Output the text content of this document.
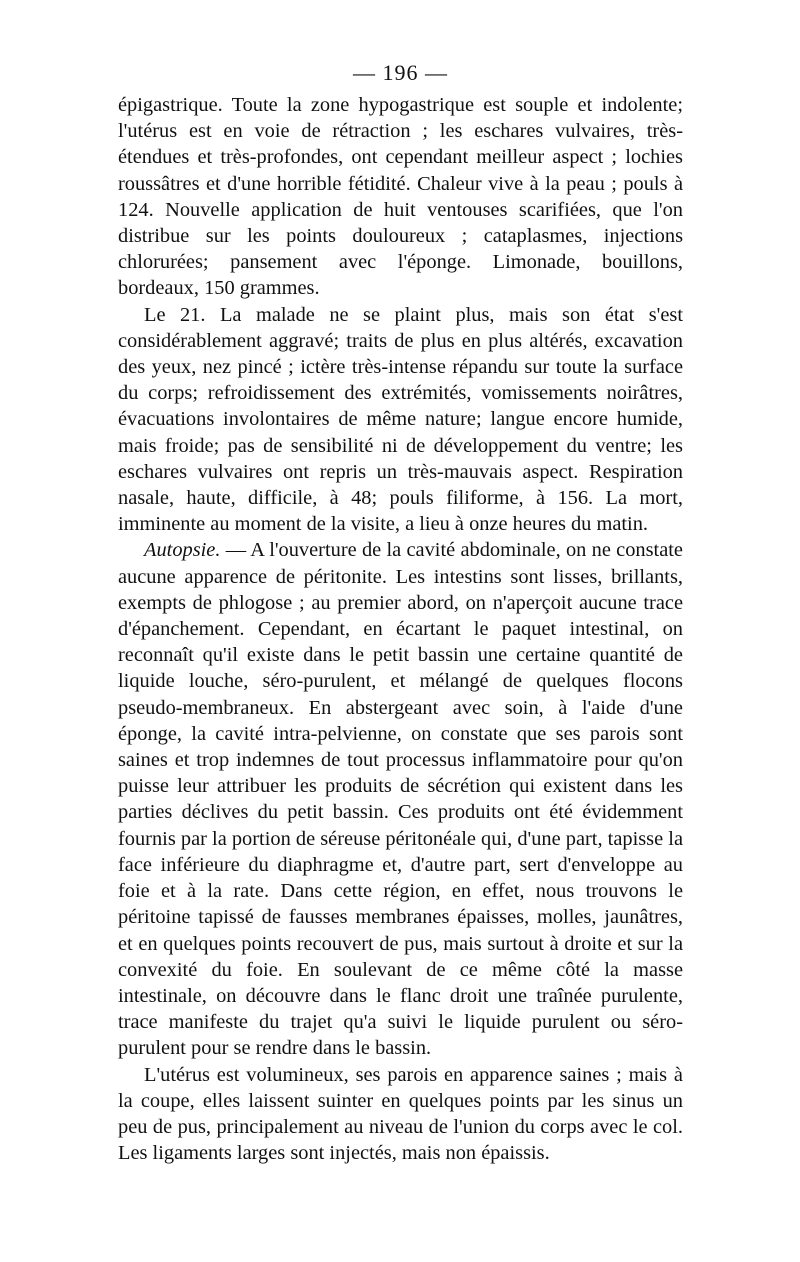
— 196 —

épigastrique. Toute la zone hypogastrique est souple et indolente; l'utérus est en voie de rétraction ; les eschares vulvaires, très-étendues et très-profondes, ont cependant meilleur aspect ; lochies roussâtres et d'une horrible fétidité. Chaleur vive à la peau ; pouls à 124. Nouvelle application de huit ventouses scarifiées, que l'on distribue sur les points douloureux ; cataplasmes, injections chlorurées; pansement avec l'éponge. Limonade, bouillons, bordeaux, 150 grammes.

Le 21. La malade ne se plaint plus, mais son état s'est considérablement aggravé; traits de plus en plus altérés, excavation des yeux, nez pincé ; ictère très-intense répandu sur toute la surface du corps; refroidissement des extrémités, vomissements noirâtres, évacuations involontaires de même nature; langue encore humide, mais froide; pas de sensibilité ni de développement du ventre; les eschares vulvaires ont repris un très-mauvais aspect. Respiration nasale, haute, difficile, à 48; pouls filiforme, à 156. La mort, imminente au moment de la visite, a lieu à onze heures du matin.

Autopsie. — A l'ouverture de la cavité abdominale, on ne constate aucune apparence de péritonite. Les intestins sont lisses, brillants, exempts de phlogose ; au premier abord, on n'aperçoit aucune trace d'épanchement. Cependant, en écartant le paquet intestinal, on reconnaît qu'il existe dans le petit bassin une certaine quantité de liquide louche, séro-purulent, et mélangé de quelques flocons pseudo-membraneux. En abstergeant avec soin, à l'aide d'une éponge, la cavité intra-pelvienne, on constate que ses parois sont saines et trop indemnes de tout processus inflammatoire pour qu'on puisse leur attribuer les produits de sécrétion qui existent dans les parties déclives du petit bassin. Ces produits ont été évidemment fournis par la portion de séreuse péritonéale qui, d'une part, tapisse la face inférieure du diaphragme et, d'autre part, sert d'enveloppe au foie et à la rate. Dans cette région, en effet, nous trouvons le péritoine tapissé de fausses membranes épaisses, molles, jaunâtres, et en quelques points recouvert de pus, mais surtout à droite et sur la convexité du foie. En soulevant de ce même côté la masse intestinale, on découvre dans le flanc droit une traînée purulente, trace manifeste du trajet qu'a suivi le liquide purulent ou séro-purulent pour se rendre dans le bassin.

L'utérus est volumineux, ses parois en apparence saines ; mais à la coupe, elles laissent suinter en quelques points par les sinus un peu de pus, principalement au niveau de l'union du corps avec le col. Les ligaments larges sont injectés, mais non épaissis.
